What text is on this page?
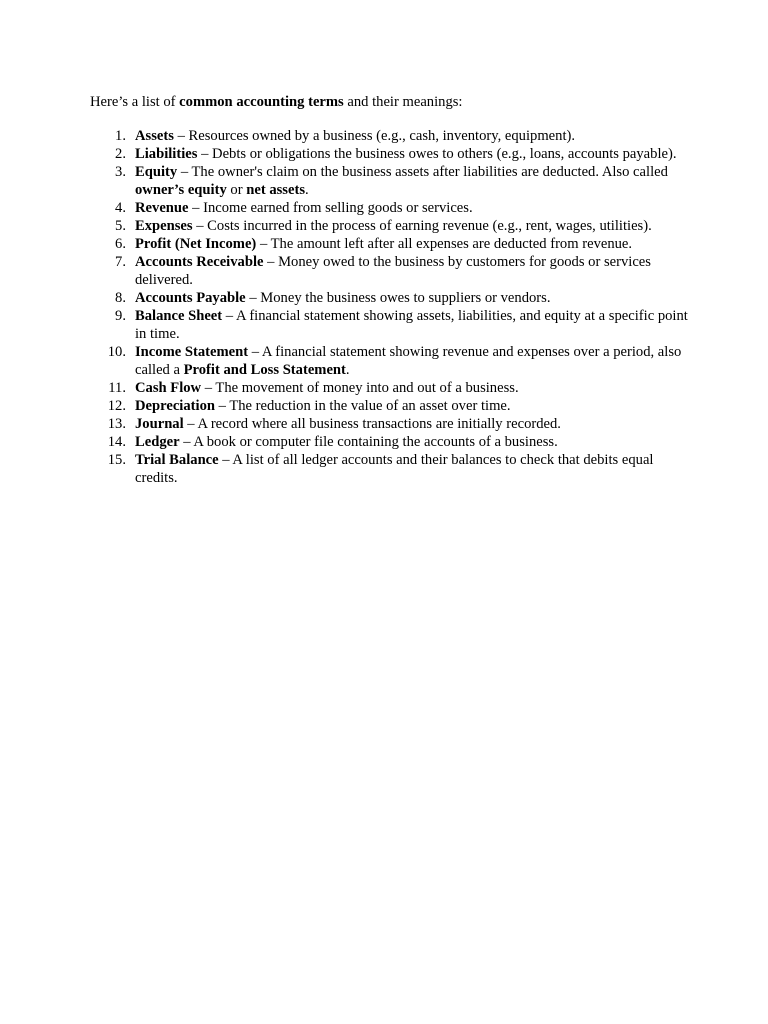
Here’s a list of common accounting terms and their meanings:

1. Assets – Resources owned by a business (e.g., cash, inventory, equipment).
2. Liabilities – Debts or obligations the business owes to others (e.g., loans, accounts payable).
3. Equity – The owner's claim on the business assets after liabilities are deducted. Also called owner’s equity or net assets.
4. Revenue – Income earned from selling goods or services.
5. Expenses – Costs incurred in the process of earning revenue (e.g., rent, wages, utilities).
6. Profit (Net Income) – The amount left after all expenses are deducted from revenue.
7. Accounts Receivable – Money owed to the business by customers for goods or services delivered.
8. Accounts Payable – Money the business owes to suppliers or vendors.
9. Balance Sheet – A financial statement showing assets, liabilities, and equity at a specific point in time.
10. Income Statement – A financial statement showing revenue and expenses over a period, also called a Profit and Loss Statement.
11. Cash Flow – The movement of money into and out of a business.
12. Depreciation – The reduction in the value of an asset over time.
13. Journal – A record where all business transactions are initially recorded.
14. Ledger – A book or computer file containing the accounts of a business.
15. Trial Balance – A list of all ledger accounts and their balances to check that debits equal credits.
